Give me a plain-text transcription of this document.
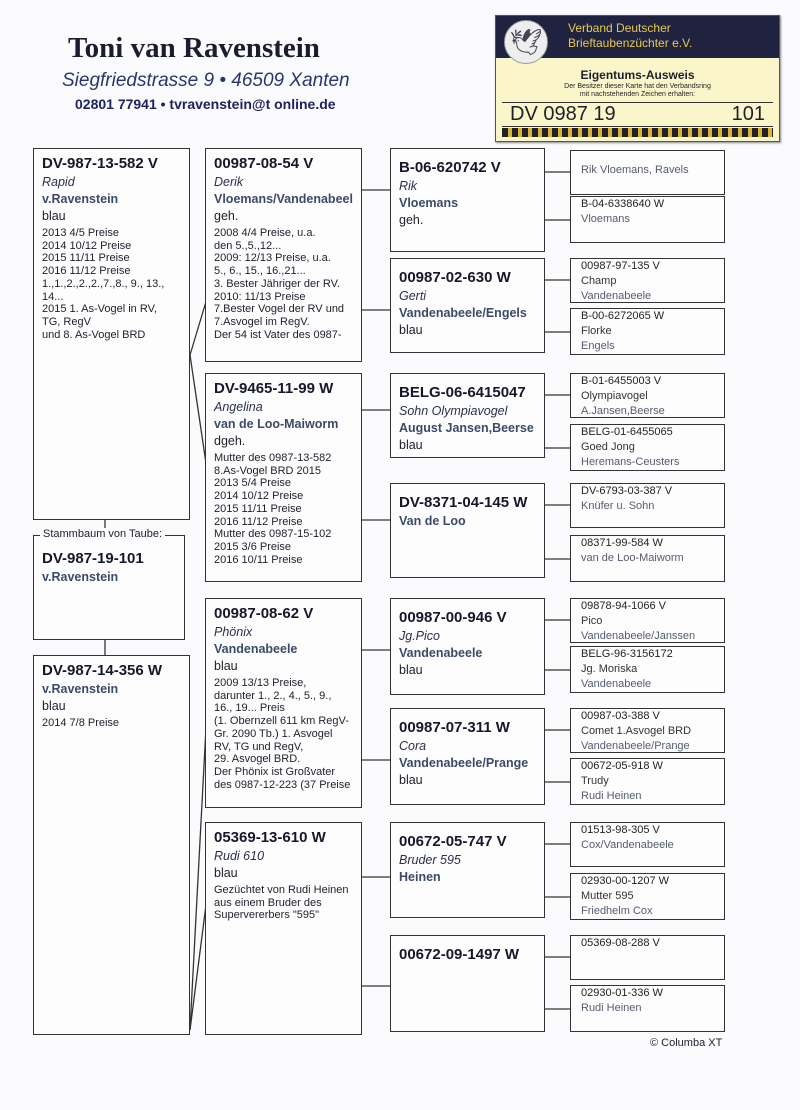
Toni van Ravenstein
Siegfriedstrasse 9 • 46509 Xanten
02801 77941 • tvravenstein@t online.de
🕊	Verband Deutscher
Brieftaubenzüchter e.V.
Eigentums-Ausweis
Der Besitzer dieser Karte hat den Verbandsring
mit nachstehenden Zeichen erhalten:
DV 0987 19	101
DV-987-19-101
v.Ravenstein
DV-987-13-582 V
Rapid
v.Ravenstein
blau
2013 4/5 Preise
2014 10/12 Preise
2015 11/11 Preise
2016 11/12 Preise
1.,1.,2.,2.,2.,7.,8., 9., 13.,
14...
2015 1. As-Vogel in RV,
TG, RegV
und 8. As-Vogel BRD
DV-987-14-356 W
v.Ravenstein
blau
2014 7/8 Preise
00987-08-54 V
Derik
Vloemans/Vandenabeel
geh.
2008 4/4 Preise, u.a.
den 5.,5.,12...
2009: 12/13 Preise, u.a.
5., 6., 15., 16.,21...
3. Bester Jähriger der RV.
2010: 11/13 Preise
7.Bester Vogel der RV und
7.Asvogel im RegV.
Der 54 ist Vater des 0987-
DV-9465-11-99 W
Angelina
van de Loo-Maiworm
dgeh.
Mutter des 0987-13-582
8.As-Vogel BRD 2015
2013 5/4 Preise
2014 10/12 Preise
2015 11/11 Preise
2016 11/12 Preise
Mutter des 0987-15-102
2015 3/6 Preise
2016 10/11 Preise
00987-08-62 V
Phönix
Vandenabeele
blau
2009 13/13 Preise,
darunter 1., 2., 4., 5., 9.,
16., 19... Preis
(1. Obernzell 611 km RegV-
Gr. 2090 Tb.) 1. Asvogel
RV, TG und RegV,
29. Asvogel BRD.
Der Phönix ist Großvater
des 0987-12-223 (37 Preise
05369-13-610 W
Rudi 610
blau
Gezüchtet von Rudi Heinen
aus einem Bruder des
Supervererbers "595"
B-06-620742 V
Rik
Vloemans
geh.
00987-02-630 W
Gerti
Vandenabeele/Engels
blau
BELG-06-6415047
Sohn Olympiavogel
August Jansen,Beerse
blau
DV-8371-04-145 W
Van de Loo
00987-00-946 V
Jg.Pico
Vandenabeele
blau
00987-07-311 W
Cora
Vandenabeele/Prange
blau
00672-05-747 V
Bruder 595
Heinen
00672-09-1497 W
Rik Vloemans, Ravels
B-04-6338640 W
Vloemans
00987-97-135 V
Champ
Vandenabeele
B-00-6272065 W
Florke
Engels
B-01-6455003 V
Olympiavogel
A.Jansen,Beerse
BELG-01-6455065
Goed Jong
Heremans-Ceusters
DV-6793-03-387 V
Knüfer u. Sohn
08371-99-584 W
van de Loo-Maiworm
09878-94-1066 V
Pico
Vandenabeele/Janssen
BELG-96-3156172
Jg. Moriska
Vandenabeele
00987-03-388 V
Comet 1.Asvogel BRD
Vandenabeele/Prange
00672-05-918 W
Trudy
Rudi Heinen
01513-98-305 V
Cox/Vandenabeele
02930-00-1207 W
Mutter 595
Friedhelm Cox
05369-08-288 V
02930-01-336 W
Rudi Heinen
Stammbaum von Taube:
© Columba XT
